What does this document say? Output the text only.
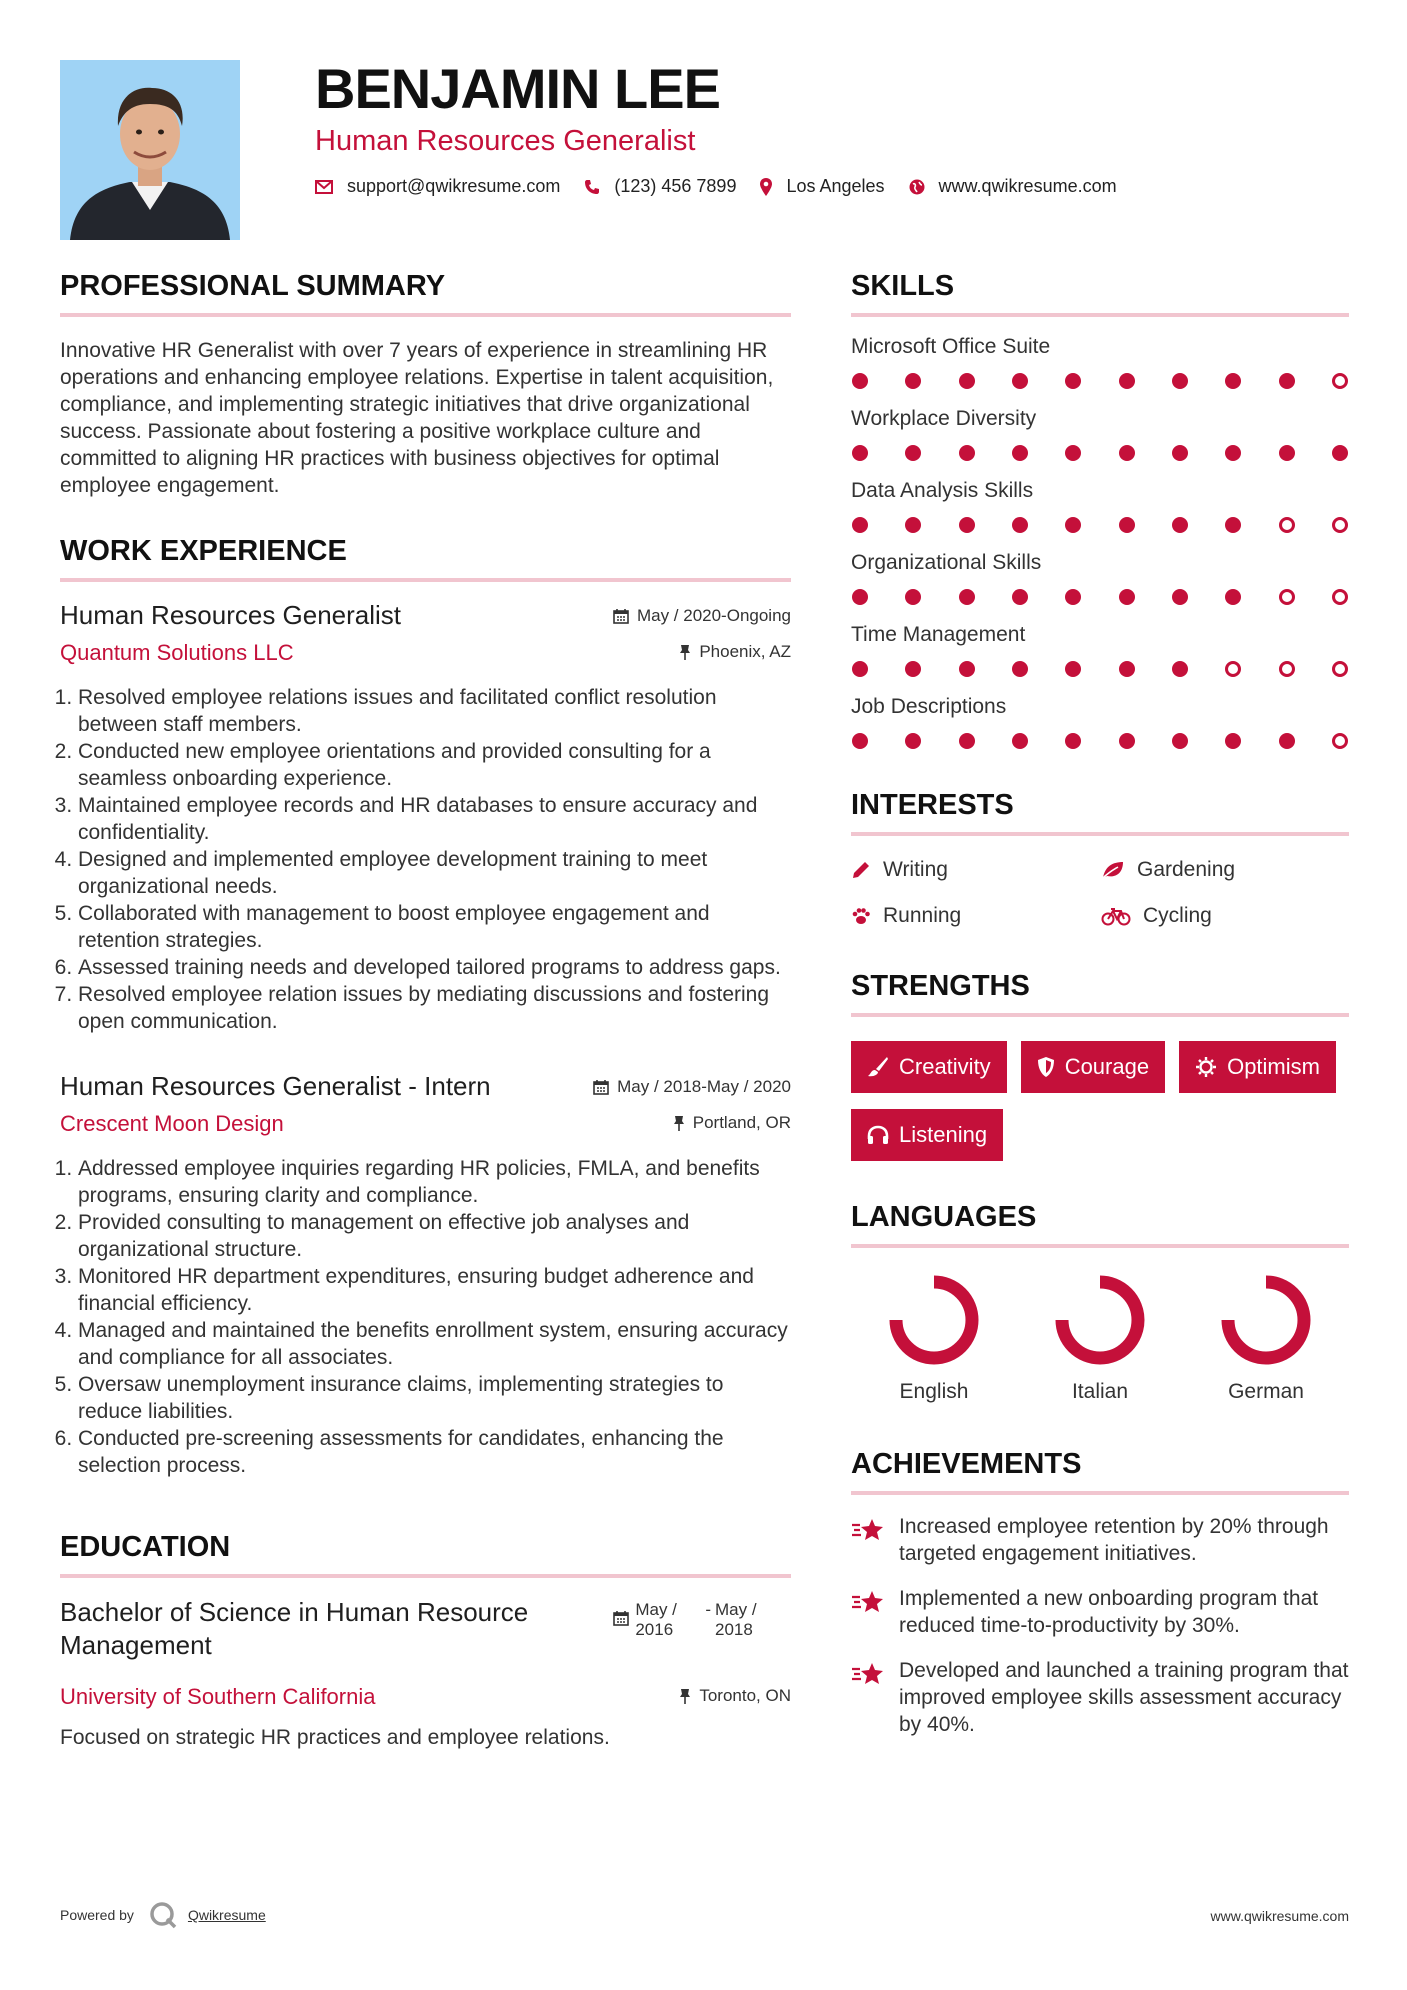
BENJAMIN LEE
Human Resources Generalist
support@qwikresume.com	(123) 456 7899	Los Angeles	www.qwikresume.com
PROFESSIONAL SUMMARY

Innovative HR Generalist with over 7 years of experience in streamlining HR operations and enhancing employee relations. Expertise in talent acquisition, compliance, and implementing strategic initiatives that drive organizational success. Passionate about fostering a positive workplace culture and committed to aligning HR practices with business objectives for optimal employee engagement.

WORK EXPERIENCE
Human Resources Generalist	May / 2020-Ongoing
Quantum Solutions LLC	Phoenix, AZ
1. Resolved employee relations issues and facilitated conflict resolution between staff members.
2. Conducted new employee orientations and provided consulting for a seamless onboarding experience.
3. Maintained employee records and HR databases to ensure accuracy and confidentiality.
4. Designed and implemented employee development training to meet organizational needs.
5. Collaborated with management to boost employee engagement and retention strategies.
6. Assessed training needs and developed tailored programs to address gaps.
7. Resolved employee relation issues by mediating discussions and fostering open communication.
Human Resources Generalist - Intern	May / 2018-May / 2020
Crescent Moon Design	Portland, OR
1. Addressed employee inquiries regarding HR policies, FMLA, and benefits programs, ensuring clarity and compliance.
2. Provided consulting to management on effective job analyses and organizational structure.
3. Monitored HR department expenditures, ensuring budget adherence and financial efficiency.
4. Managed and maintained the benefits enrollment system, ensuring accuracy and compliance for all associates.
5. Oversaw unemployment insurance claims, implementing strategies to reduce liabilities.
6. Conducted pre-screening assessments for candidates, enhancing the selection process.
EDUCATION
Bachelor of Science in Human Resource Management
May / 2016
- May / 2018
University of Southern California	Toronto, ON

Focused on strategic HR practices and employee relations.

SKILLS
Microsoft Office Suite
Workplace Diversity
Data Analysis Skills
Organizational Skills
Time Management
Job Descriptions
INTERESTS
Writing	Gardening
Running	Cycling
STRENGTHS
Creativity	Courage	Optimism
Listening
LANGUAGES
English	Italian	German
ACHIEVEMENTS
Increased employee retention by 20% through targeted engagement initiatives.
Implemented a new onboarding program that reduced time-to-productivity by 30%.
Developed and launched a training program that improved employee skills assessment accuracy by 40%.
Powered by	Qwikresume	www.qwikresume.com
